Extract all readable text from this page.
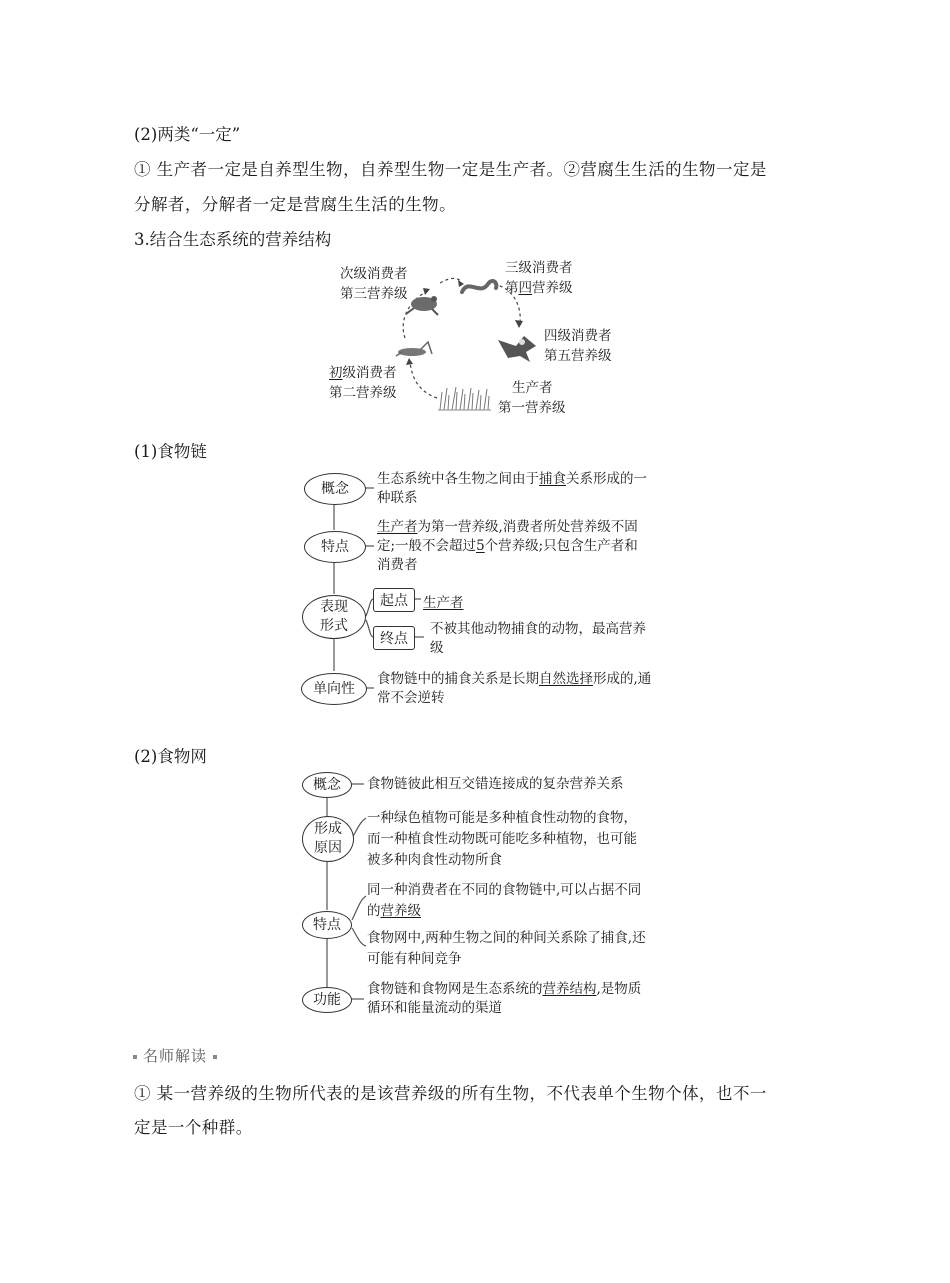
(2)两类“一定”
① 生产者一定是自养型生物，自养型生物一定是生产者。②营腐生生活的生物一定是
分解者，分解者一定是营腐生生活的生物。
3.结合生态系统的营养结构
次级消费者
第三营养级
三级消费者
第四营养级
四级消费者
第五营养级
初级消费者
第二营养级	生产者
第一营养级
(1)食物链
概念
生态系统中各生物之间由于捕食关系形成的一种联系
特点
生产者为第一营养级,消费者所处营养级不固定;一般不会超过5个营养级;只包含生产者和消费者
表现形式
起点	生产者
终点
不被其他动物捕食的动物，最高营养级
单向性
食物链中的捕食关系是长期自然选择形成的,通常不会逆转
(2)食物网
概念	食物链彼此相互交错连接成的复杂营养关系
形成原因
一种绿色植物可能是多种植食性动物的食物，而一种植食性动物既可能吃多种植物，也可能被多种肉食性动物所食
特点
同一种消费者在不同的食物链中,可以占据不同的营养级
食物网中,两种生物之间的种间关系除了捕食,还可能有种间竞争
功能
食物链和食物网是生态系统的营养结构,是物质循环和能量流动的渠道
名师解读
① 某一营养级的生物所代表的是该营养级的所有生物，不代表单个生物个体，也不一
定是一个种群。
